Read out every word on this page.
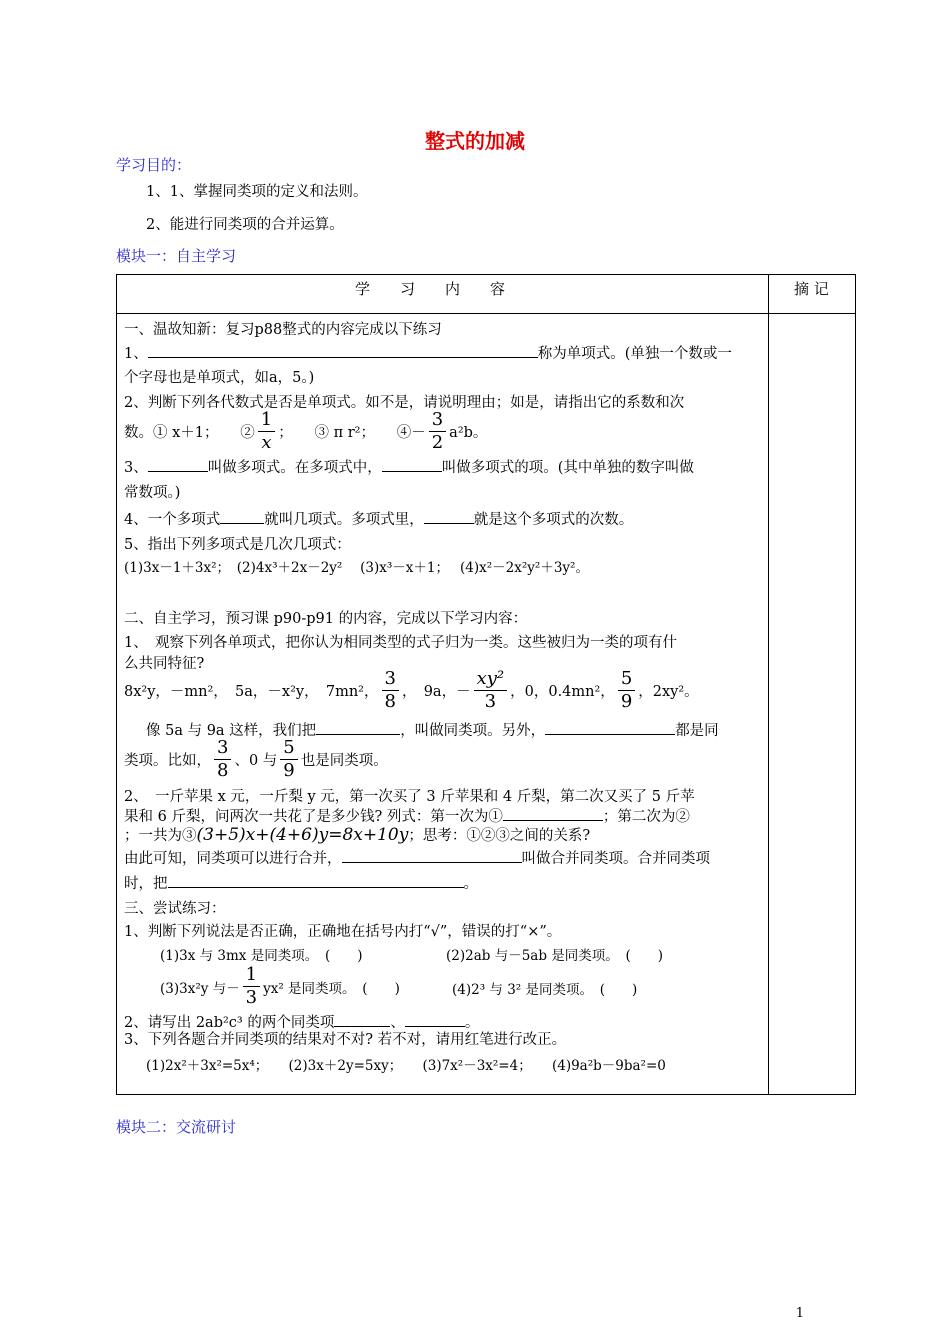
整式的加减
学习目的：
1、1、掌握同类项的定义和法则。
2、能进行同类项的合并运算。
模块一：自主学习
学　　习　　内　　容	摘 记
一、温故知新：复习p88整式的内容完成以下练习
1、	称为单项式。(单独一个数或一
个字母也是单项式，如a，5。)
2、判断下列各代数式是否是单项式。如不是，请说明理由；如是，请指出它的系数和次
数。① x＋1；　　② $\frac{1}{x}$ ；　　③ π r²；　　④－ $\frac{3}{2} a^2b$。
3、	叫做多项式。在多项式中，	叫做多项式的项。(其中单独的数字叫做
常数项。)
4、一个多项式	就叫几项式。多项式里，	就是这个多项式的次数。
5、指出下列多项式是几次几项式：
(1)3x－1＋3x²；　(2)4x³＋2x－2y²　 (3)x³－x＋1；　 (4)x²－2x²y²＋3y²。
二、自主学习，预习课 p90-p91 的内容，完成以下学习内容：
1、　观察下列各单项式，把你认为相同类型的式子归为一类。这些被归为一类的项有什
么共同特征?
8x²y，－mn²，　5a，－x²y，　7mn²， $\frac{3}{8}$ ，　9a，－ $\frac{\text{xy²}}{3}$ ，0，0.4mn²， $\frac{5}{9}$ ，2xy²。
像 5a 与 9a 这样，我们把	，叫做同类项。另外，	都是同
类项。比如， $\frac{3}{8}$ 、0 与 $\frac{5}{9}$ 也是同类项。
2、　一斤苹果 x 元，一斤梨 y 元，第一次买了 3 斤苹果和 4 斤梨，第二次又买了 5 斤苹
果和 6 斤梨，问两次一共花了是多少钱? 列式：第一次为①	；第二次为②
；一共为③(3+5)x+(4+6)y=8x+10y；思考：①②③之间的关系?
由此可知，同类项可以进行合并，	叫做合并同类项。合并同类项
时，把	。
三、尝试练习：
1、判断下列说法是否正确，正确地在括号内打“√”，错误的打“×”。
(1)3x 与 3mx 是同类项。　(　　)	(2)2ab 与－5ab 是同类项。　(　　)
(3)3x²y 与－ $\frac{1}{3} yx^2$ 是同类项。　(　　)	(4)2³ 与 3² 是同类项。　(　　)
2、请写出 2ab²c³ 的两个同类项	、	。
3、下列各题合并同类项的结果对不对? 若不对，请用红笔进行改正。
(1)2x²＋3x²=5x⁴；　　(2)3x＋2y=5xy；　　(3)7x²－3x²=4；　　(4)9a²b－9ba²=0
模块二：交流研讨
1
